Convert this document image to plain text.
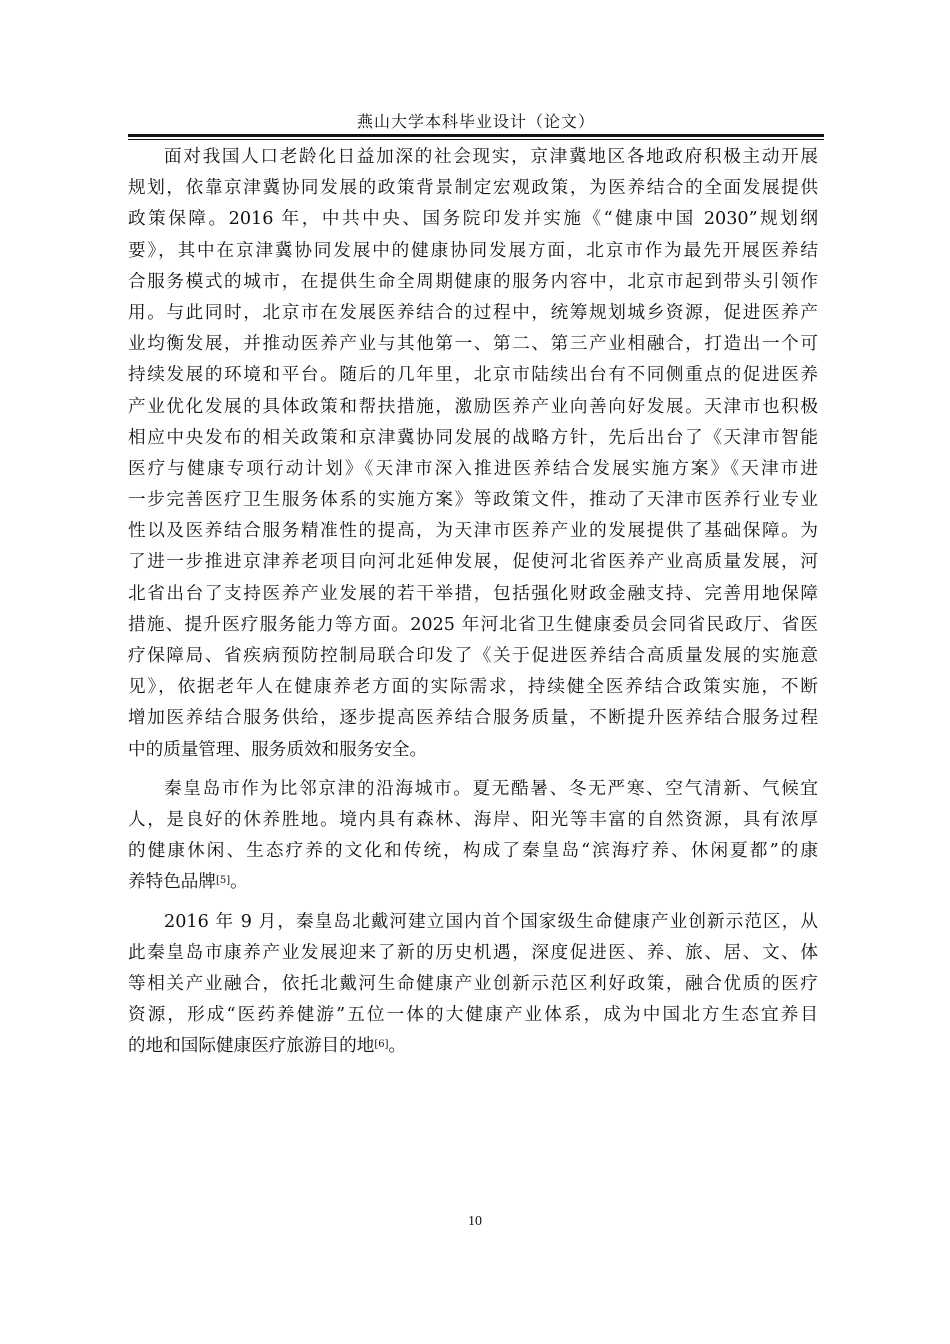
燕山大学本科毕业设计（论文）
面对我国人口老龄化日益加深的社会现实，京津冀地区各地政府积极主动开展
规划，依靠京津冀协同发展的政策背景制定宏观政策，为医养结合的全面发展提供
政策保障。2016 年，中共中央、国务院印发并实施《“健康中国 2030”规划纲
要》，其中在京津冀协同发展中的健康协同发展方面，北京市作为最先开展医养结
合服务模式的城市，在提供生命全周期健康的服务内容中，北京市起到带头引领作
用。与此同时，北京市在发展医养结合的过程中，统筹规划城乡资源，促进医养产
业均衡发展，并推动医养产业与其他第一、第二、第三产业相融合，打造出一个可
持续发展的环境和平台。随后的几年里，北京市陆续出台有不同侧重点的促进医养
产业优化发展的具体政策和帮扶措施，激励医养产业向善向好发展。天津市也积极
相应中央发布的相关政策和京津冀协同发展的战略方针，先后出台了《天津市智能
医疗与健康专项行动计划》《天津市深入推进医养结合发展实施方案》《天津市进
一步完善医疗卫生服务体系的实施方案》等政策文件，推动了天津市医养行业专业
性以及医养结合服务精准性的提高，为天津市医养产业的发展提供了基础保障。为
了进一步推进京津养老项目向河北延伸发展，促使河北省医养产业高质量发展，河
北省出台了支持医养产业发展的若干举措，包括强化财政金融支持、完善用地保障
措施、提升医疗服务能力等方面。2025 年河北省卫生健康委员会同省民政厅、省医
疗保障局、省疾病预防控制局联合印发了《关于促进医养结合高质量发展的实施意
见》，依据老年人在健康养老方面的实际需求，持续健全医养结合政策实施，不断
增加医养结合服务供给，逐步提高医养结合服务质量，不断提升医养结合服务过程
中的质量管理、服务质效和服务安全。
秦皇岛市作为比邻京津的沿海城市。夏无酷暑、冬无严寒、空气清新、气候宜
人，是良好的休养胜地。境内具有森林、海岸、阳光等丰富的自然资源，具有浓厚
的健康休闲、生态疗养的文化和传统，构成了秦皇岛“滨海疗养、休闲夏都”的康
养特色品牌[5]。
2016 年 9 月，秦皇岛北戴河建立国内首个国家级生命健康产业创新示范区，从
此秦皇岛市康养产业发展迎来了新的历史机遇，深度促进医、养、旅、居、文、体
等相关产业融合，依托北戴河生命健康产业创新示范区利好政策，融合优质的医疗
资源，形成“医药养健游”五位一体的大健康产业体系，成为中国北方生态宜养目
的地和国际健康医疗旅游目的地[6]。
10
